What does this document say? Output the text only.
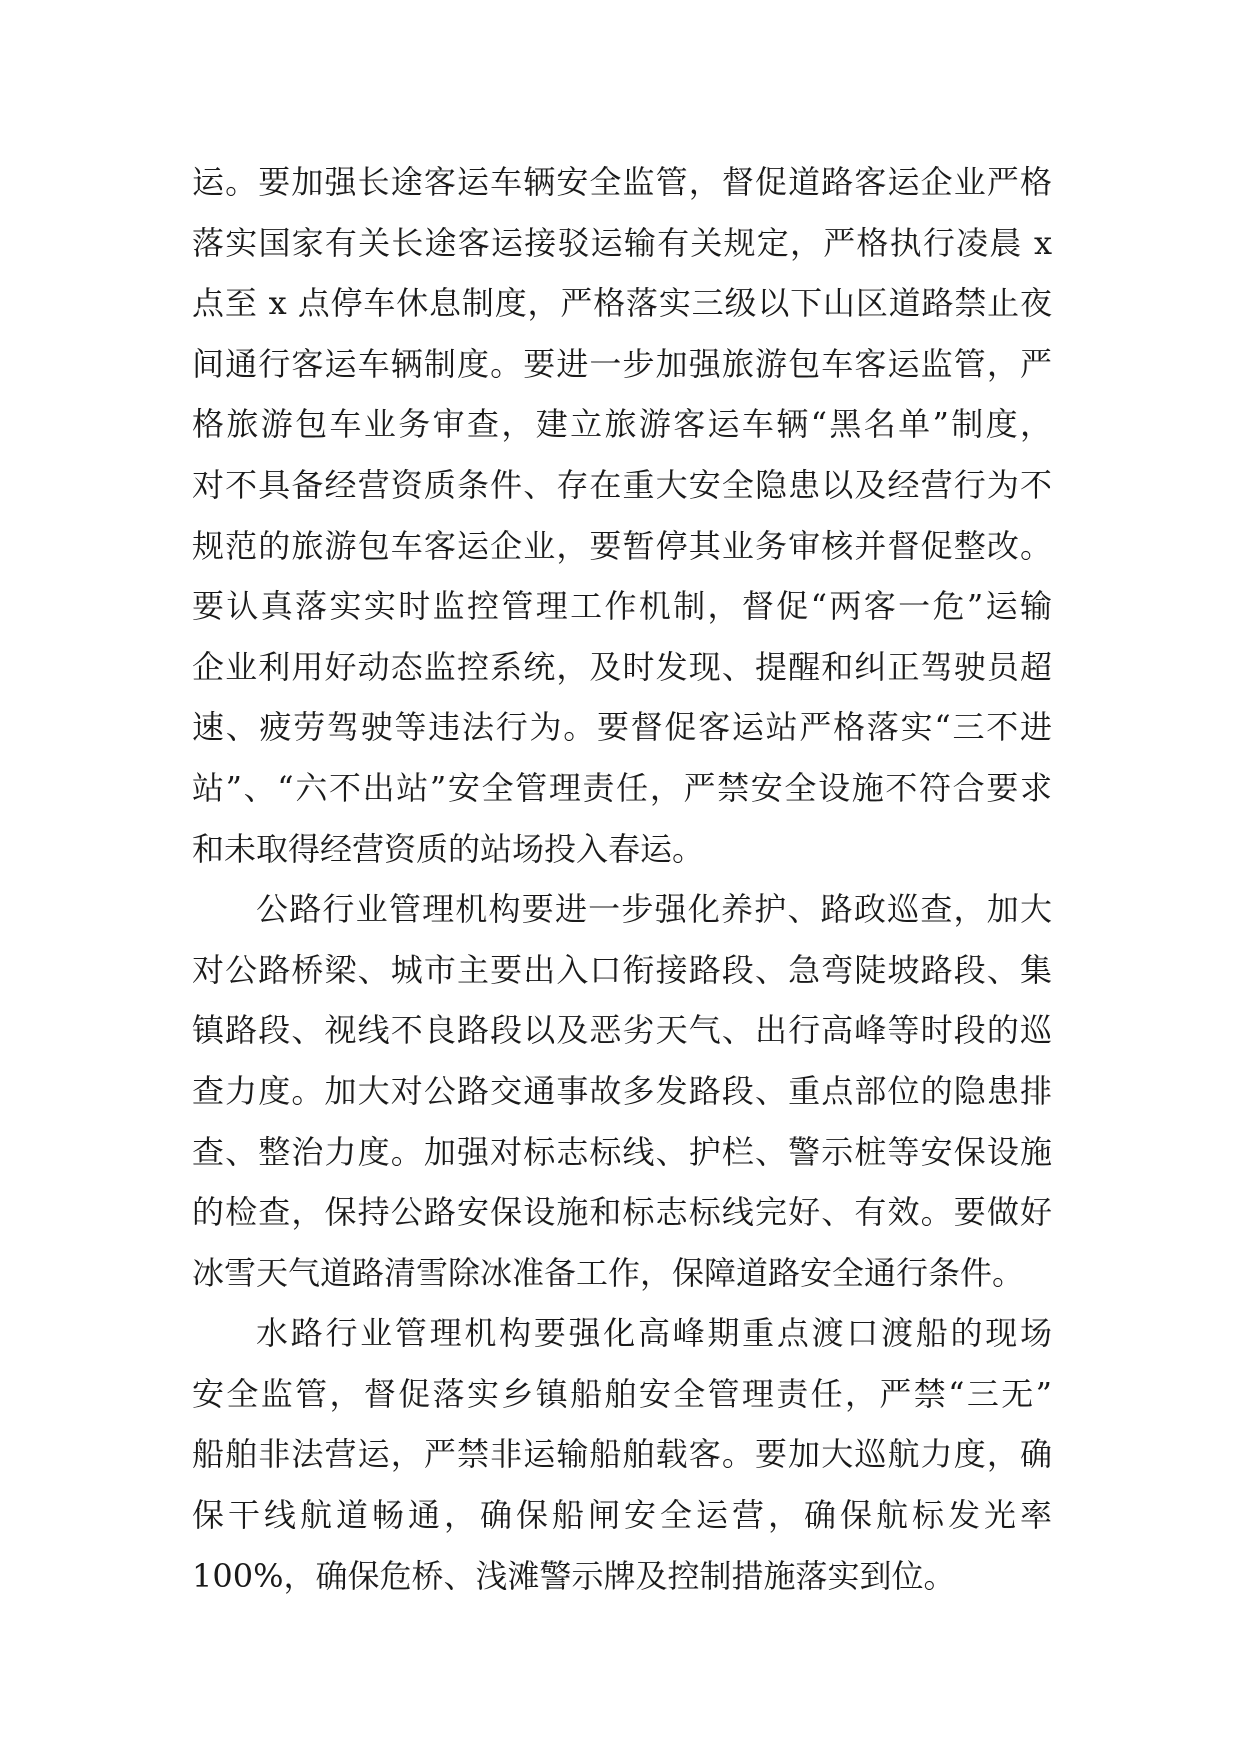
运。要加强长途客运车辆安全监管，督促道路客运企业严格
落实国家有关长途客运接驳运输有关规定，严格执行凌晨 x
点至 x 点停车休息制度，严格落实三级以下山区道路禁止夜
间通行客运车辆制度。要进一步加强旅游包车客运监管，严
格旅游包车业务审查，建立旅游客运车辆“黑名单”制度，
对不具备经营资质条件、存在重大安全隐患以及经营行为不
规范的旅游包车客运企业，要暂停其业务审核并督促整改。
要认真落实实时监控管理工作机制，督促“两客一危”运输
企业利用好动态监控系统，及时发现、提醒和纠正驾驶员超
速、疲劳驾驶等违法行为。要督促客运站严格落实“三不进
站”、“六不出站”安全管理责任，严禁安全设施不符合要求
和未取得经营资质的站场投入春运。
公路行业管理机构要进一步强化养护、路政巡查，加大
对公路桥梁、城市主要出入口衔接路段、急弯陡坡路段、集
镇路段、视线不良路段以及恶劣天气、出行高峰等时段的巡
查力度。加大对公路交通事故多发路段、重点部位的隐患排
查、整治力度。加强对标志标线、护栏、警示桩等安保设施
的检查，保持公路安保设施和标志标线完好、有效。要做好
冰雪天气道路清雪除冰准备工作，保障道路安全通行条件。
水路行业管理机构要强化高峰期重点渡口渡船的现场
安全监管，督促落实乡镇船舶安全管理责任，严禁“三无”
船舶非法营运，严禁非运输船舶载客。要加大巡航力度，确
保干线航道畅通，确保船闸安全运营，确保航标发光率
100%，确保危桥、浅滩警示牌及控制措施落实到位。
